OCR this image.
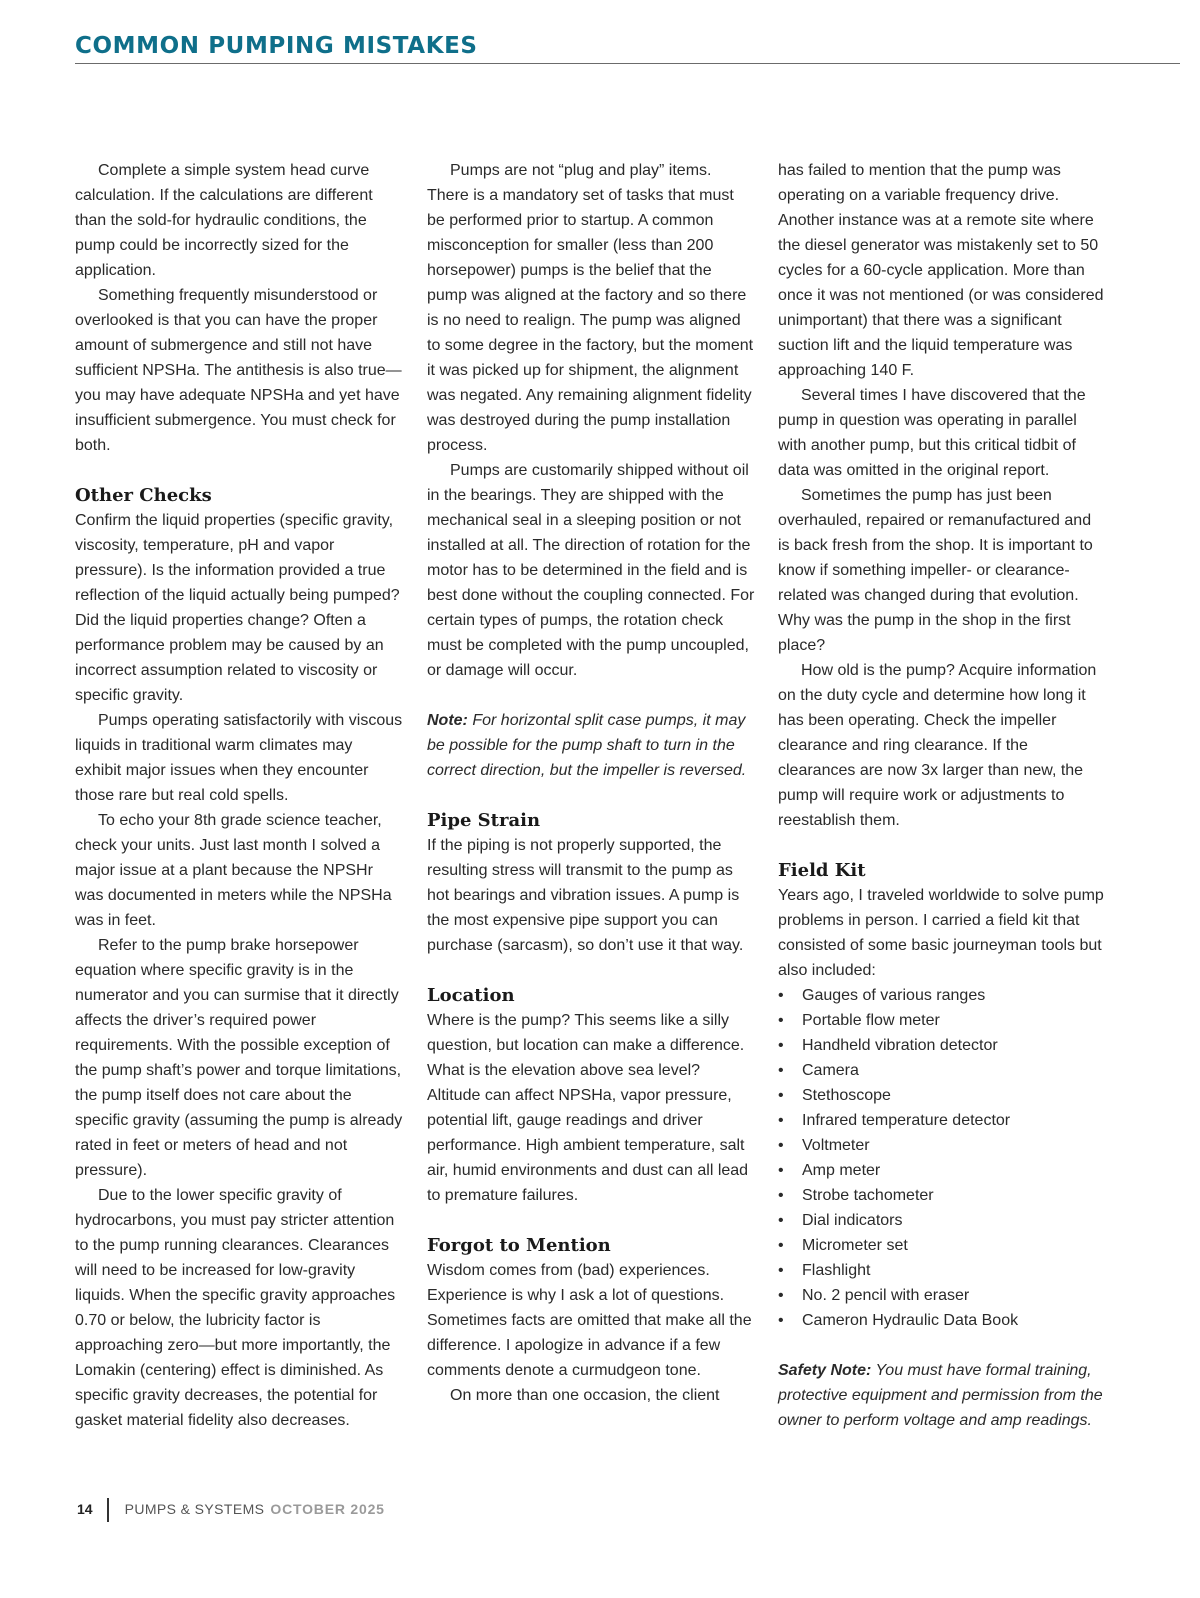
COMMON PUMPING MISTAKES

Complete a simple system head curve calculation. If the calculations are different than the sold-for hydraulic conditions, the pump could be incorrectly sized for the application.

Something frequently misunderstood or overlooked is that you can have the proper amount of submergence and still not have sufficient NPSHa. The antithesis is also true—you may have adequate NPSHa and yet have insufficient submergence. You must check for both.

Other Checks

Confirm the liquid properties (specific gravity, viscosity, temperature, pH and vapor pressure). Is the information provided a true reflection of the liquid actually being pumped? Did the liquid properties change? Often a performance problem may be caused by an incorrect assumption related to viscosity or specific gravity.

Pumps operating satisfactorily with viscous liquids in traditional warm climates may exhibit major issues when they encounter those rare but real cold spells.

To echo your 8th grade science teacher, check your units. Just last month I solved a major issue at a plant because the NPSHr was documented in meters while the NPSHa was in feet.

Refer to the pump brake horsepower equation where specific gravity is in the numerator and you can surmise that it directly affects the driver’s required power requirements. With the possible exception of the pump shaft’s power and torque limitations, the pump itself does not care about the specific gravity (assuming the pump is already rated in feet or meters of head and not pressure).

Due to the lower specific gravity of hydrocarbons, you must pay stricter attention to the pump running clearances. Clearances will need to be increased for low-gravity liquids. When the specific gravity approaches 0.70 or below, the lubricity factor is approaching zero—but more importantly, the Lomakin (centering) effect is diminished. As specific gravity decreases, the potential for gasket material fidelity also decreases.

Pumps are not “plug and play” items. There is a mandatory set of tasks that must be performed prior to startup. A common misconception for smaller (less than 200 horsepower) pumps is the belief that the pump was aligned at the factory and so there is no need to realign. The pump was aligned to some degree in the factory, but the moment it was picked up for shipment, the alignment was negated. Any remaining alignment fidelity was destroyed during the pump installation process.

Pumps are customarily shipped without oil in the bearings. They are shipped with the mechanical seal in a sleeping position or not installed at all. The direction of rotation for the motor has to be determined in the field and is best done without the coupling connected. For certain types of pumps, the rotation check must be completed with the pump uncoupled, or damage will occur.

Note: For horizontal split case pumps, it may be possible for the pump shaft to turn in the correct direction, but the impeller is reversed.

Pipe Strain

If the piping is not properly supported, the resulting stress will transmit to the pump as hot bearings and vibration issues. A pump is the most expensive pipe support you can purchase (sarcasm), so don’t use it that way.

Location

Where is the pump? This seems like a silly question, but location can make a difference. What is the elevation above sea level? Altitude can affect NPSHa, vapor pressure, potential lift, gauge readings and driver performance. High ambient temperature, salt air, humid environments and dust can all lead to premature failures.

Forgot to Mention

Wisdom comes from (bad) experiences. Experience is why I ask a lot of questions. Sometimes facts are omitted that make all the difference. I apologize in advance if a few comments denote a curmudgeon tone.

On more than one occasion, the client

has failed to mention that the pump was operating on a variable frequency drive. Another instance was at a remote site where the diesel generator was mistakenly set to 50 cycles for a 60-cycle application. More than once it was not mentioned (or was considered unimportant) that there was a significant suction lift and the liquid temperature was approaching 140 F.

Several times I have discovered that the pump in question was operating in parallel with another pump, but this critical tidbit of data was omitted in the original report.

Sometimes the pump has just been overhauled, repaired or remanufactured and is back fresh from the shop. It is important to know if something impeller- or clearance-related was changed during that evolution. Why was the pump in the shop in the first place?

How old is the pump? Acquire information on the duty cycle and determine how long it has been operating. Check the impeller clearance and ring clearance. If the clearances are now 3x larger than new, the pump will require work or adjustments to reestablish them.

Field Kit

Years ago, I traveled worldwide to solve pump problems in person. I carried a field kit that consisted of some basic journeyman tools but also included:

• Gauges of various ranges
• Portable flow meter
• Handheld vibration detector
• Camera
• Stethoscope
• Infrared temperature detector
• Voltmeter
• Amp meter
• Strobe tachometer
• Dial indicators
• Micrometer set
• Flashlight
• No. 2 pencil with eraser
• Cameron Hydraulic Data Book

Safety Note: You must have formal training, protective equipment and permission from the owner to perform voltage and amp readings.

14 PUMPS & SYSTEMS OCTOBER 2025
